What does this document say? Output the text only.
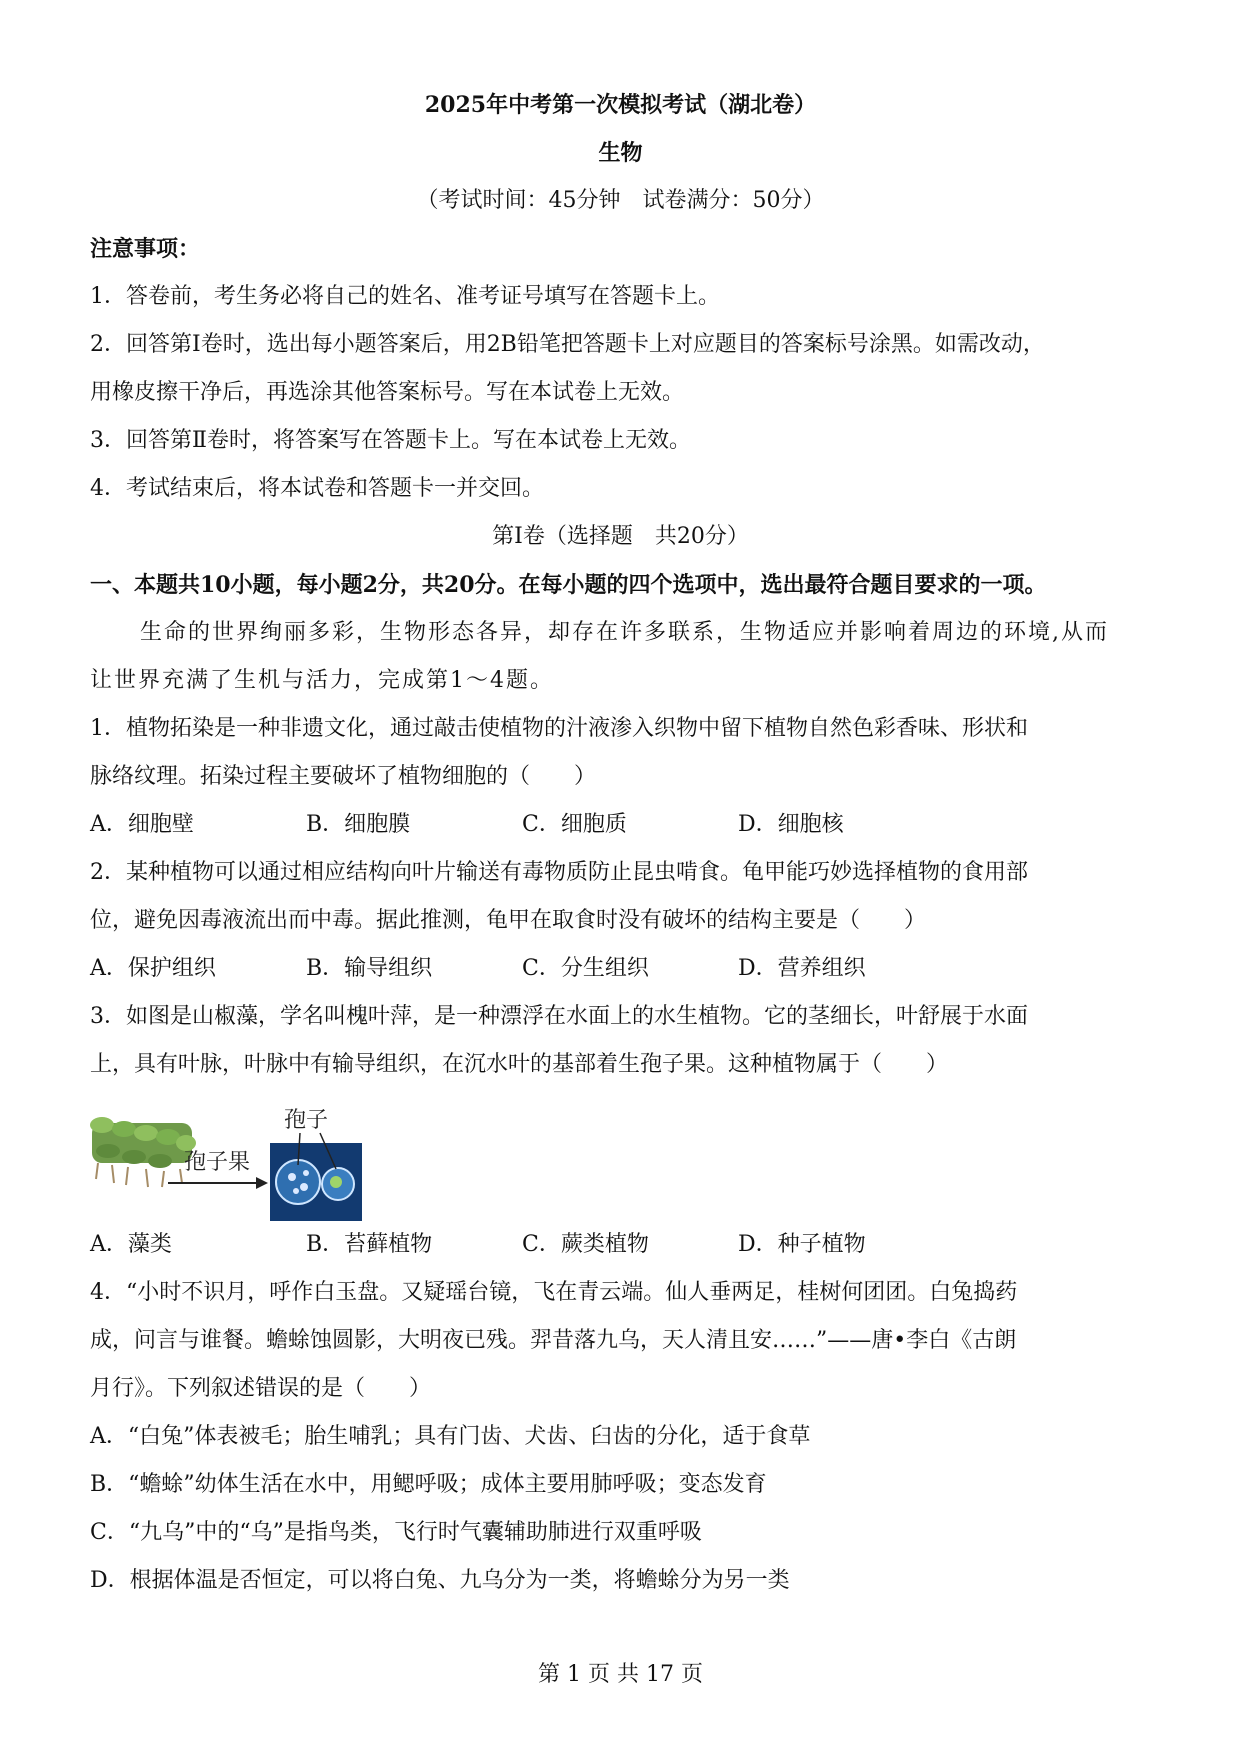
2025年中考第一次模拟考试（湖北卷）
生物
（考试时间：45分钟　试卷满分：50分）
注意事项：
1．答卷前，考生务必将自己的姓名、准考证号填写在答题卡上。
2．回答第Ⅰ卷时，选出每小题答案后，用2B铅笔把答题卡上对应题目的答案标号涂黑。如需改动，
用橡皮擦干净后，再选涂其他答案标号。写在本试卷上无效。
3．回答第Ⅱ卷时，将答案写在答题卡上。写在本试卷上无效。
4．考试结束后，将本试卷和答题卡一并交回。
第Ⅰ卷（选择题　共20分）
一、本题共10小题，每小题2分，共20分。在每小题的四个选项中，选出最符合题目要求的一项。
生命的世界绚丽多彩，生物形态各异，却存在许多联系，生物适应并影响着周边的环境,从而
让世界充满了生机与活力，完成第1～4题。
1．植物拓染是一种非遗文化，通过敲击使植物的汁液渗入织物中留下植物自然色彩香味、形状和
脉络纹理。拓染过程主要破坏了植物细胞的（　　）
A．细胞壁	B．细胞膜	C．细胞质	D．细胞核
2．某种植物可以通过相应结构向叶片输送有毒物质防止昆虫啃食。龟甲能巧妙选择植物的食用部
位，避免因毒液流出而中毒。据此推测，龟甲在取食时没有破坏的结构主要是（　　）
A．保护组织	B．输导组织	C．分生组织	D．营养组织
3．如图是山椒藻，学名叫槐叶萍，是一种漂浮在水面上的水生植物。它的茎细长，叶舒展于水面
上，具有叶脉，叶脉中有输导组织，在沉水叶的基部着生孢子果。这种植物属于（　　）
孢子果
孢子
A．藻类	B．苔藓植物	C．蕨类植物	D．种子植物
4．“小时不识月，呼作白玉盘。又疑瑶台镜，飞在青云端。仙人垂两足，桂树何团团。白兔捣药
成，问言与谁餐。蟾蜍蚀圆影，大明夜已残。羿昔落九乌，天人清且安……”——唐•李白《古朗
月行》。下列叙述错误的是（　　）
A．“白兔”体表被毛；胎生哺乳；具有门齿、犬齿、臼齿的分化，适于食草
B．“蟾蜍”幼体生活在水中，用鳃呼吸；成体主要用肺呼吸；变态发育
C．“九乌”中的“乌”是指鸟类，飞行时气囊辅助肺进行双重呼吸
D．根据体温是否恒定，可以将白兔、九乌分为一类，将蟾蜍分为另一类
第 1 页 共 17 页
